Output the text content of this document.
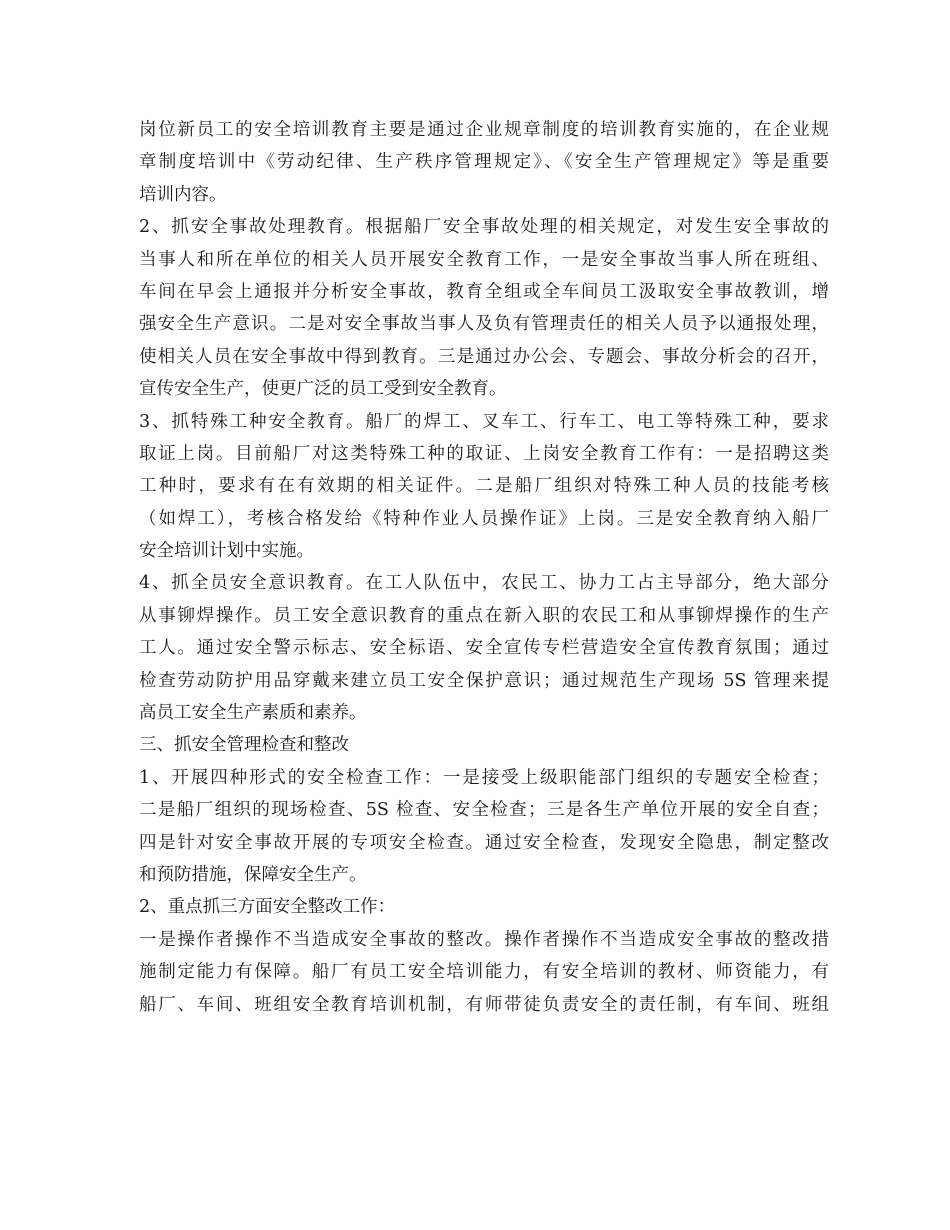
岗位新员工的安全培训教育主要是通过企业规章制度的培训教育实施的，在企业规
章制度培训中《劳动纪律、生产秩序管理规定》、《安全生产管理规定》等是重要
培训内容。
2、抓安全事故处理教育。根据船厂安全事故处理的相关规定，对发生安全事故的
当事人和所在单位的相关人员开展安全教育工作，一是安全事故当事人所在班组、
车间在早会上通报并分析安全事故，教育全组或全车间员工汲取安全事故教训，增
强安全生产意识。二是对安全事故当事人及负有管理责任的相关人员予以通报处理，
使相关人员在安全事故中得到教育。三是通过办公会、专题会、事故分析会的召开，
宣传安全生产，使更广泛的员工受到安全教育。
3、抓特殊工种安全教育。船厂的焊工、叉车工、行车工、电工等特殊工种，要求
取证上岗。目前船厂对这类特殊工种的取证、上岗安全教育工作有：一是招聘这类
工种时，要求有在有效期的相关证件。二是船厂组织对特殊工种人员的技能考核
（如焊工），考核合格发给《特种作业人员操作证》上岗。三是安全教育纳入船厂
安全培训计划中实施。
4、抓全员安全意识教育。在工人队伍中，农民工、协力工占主导部分，绝大部分
从事铆焊操作。员工安全意识教育的重点在新入职的农民工和从事铆焊操作的生产
工人。通过安全警示标志、安全标语、安全宣传专栏营造安全宣传教育氛围；通过
检查劳动防护用品穿戴来建立员工安全保护意识；通过规范生产现场 5S 管理来提
高员工安全生产素质和素养。
三、抓安全管理检查和整改
1、开展四种形式的安全检查工作：一是接受上级职能部门组织的专题安全检查；
二是船厂组织的现场检查、5S 检查、安全检查；三是各生产单位开展的安全自查；
四是针对安全事故开展的专项安全检查。通过安全检查，发现安全隐患，制定整改
和预防措施，保障安全生产。
2、重点抓三方面安全整改工作：
一是操作者操作不当造成安全事故的整改。操作者操作不当造成安全事故的整改措
施制定能力有保障。船厂有员工安全培训能力，有安全培训的教材、师资能力，有
船厂、车间、班组安全教育培训机制，有师带徒负责安全的责任制，有车间、班组
